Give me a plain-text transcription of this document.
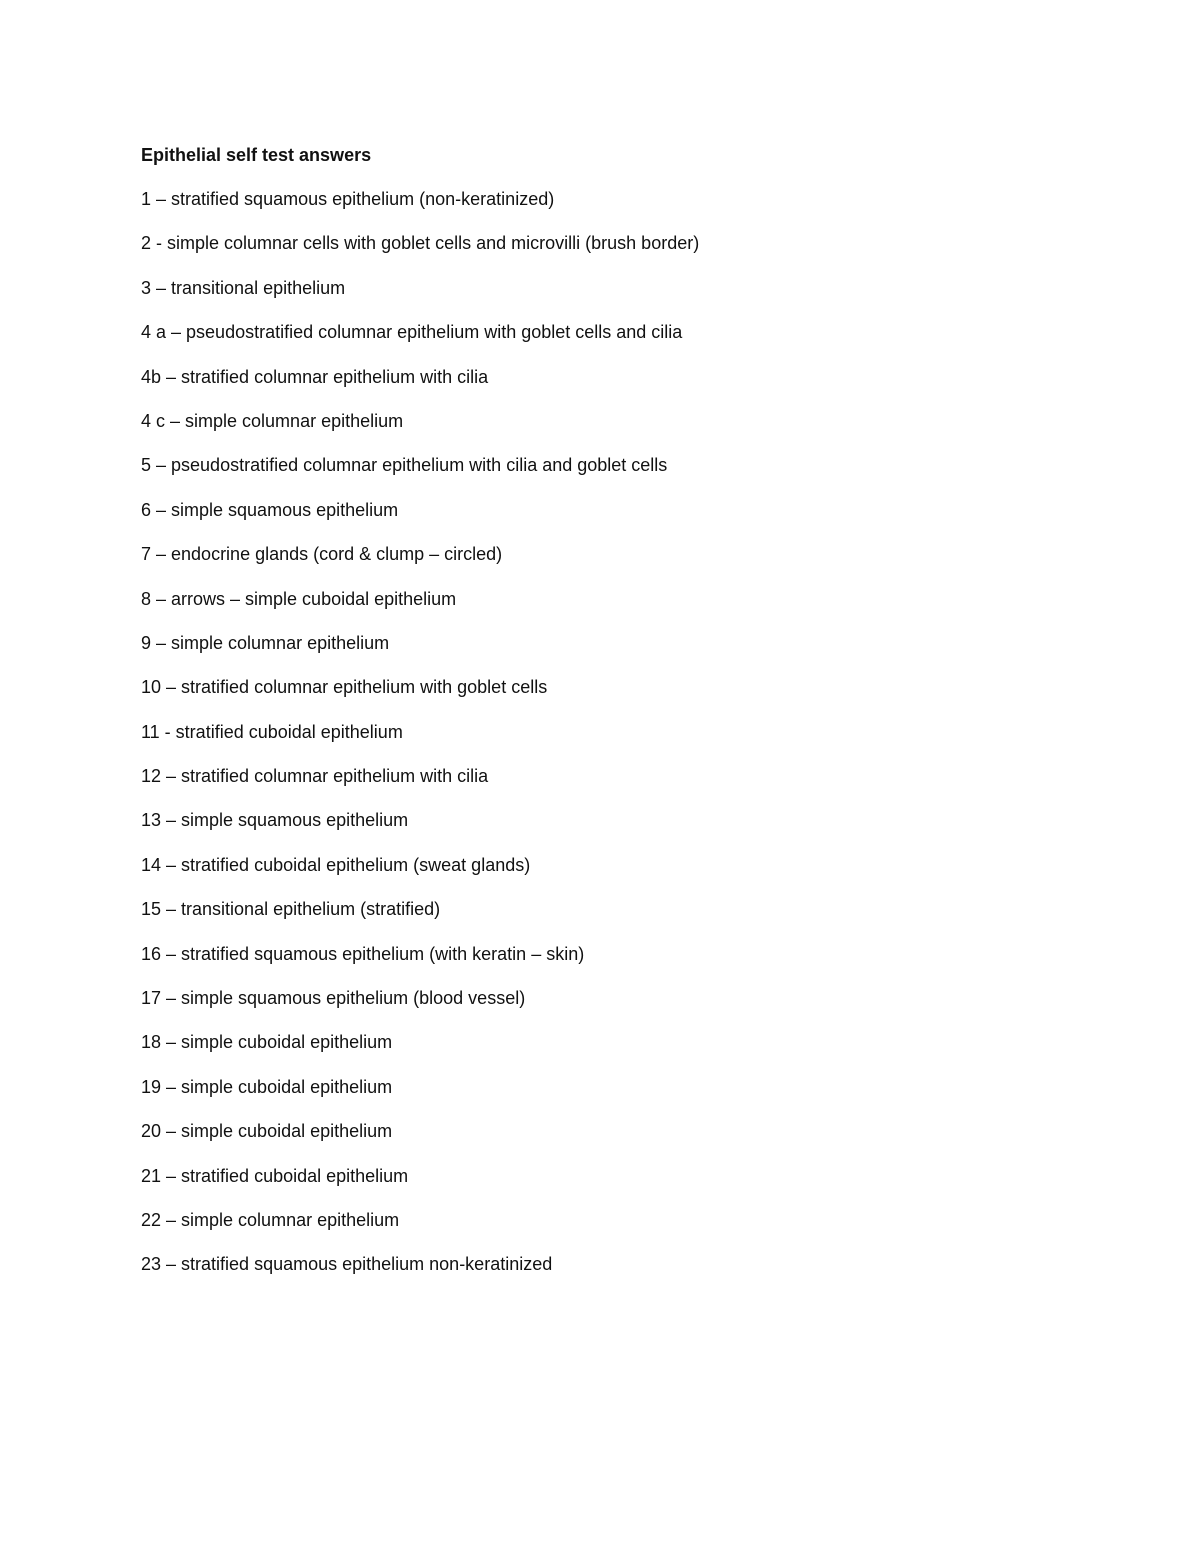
Epithelial self test answers
1 – stratified squamous epithelium (non-keratinized)
2 - simple columnar cells with goblet cells and microvilli (brush border)
3 – transitional epithelium
4 a – pseudostratified columnar epithelium with goblet cells and cilia
4b – stratified columnar epithelium with cilia
4 c – simple columnar epithelium
5 – pseudostratified columnar epithelium with cilia and goblet cells
6 – simple squamous epithelium
7 – endocrine glands (cord & clump – circled)
8 – arrows – simple cuboidal epithelium
9 – simple columnar epithelium
10 – stratified columnar epithelium with goblet cells
11 - stratified cuboidal epithelium
12 – stratified columnar epithelium with cilia
13 – simple squamous epithelium
14 – stratified cuboidal epithelium (sweat glands)
15 – transitional epithelium (stratified)
16 – stratified squamous epithelium (with keratin – skin)
17 – simple squamous epithelium (blood vessel)
18 – simple cuboidal epithelium
19 – simple cuboidal epithelium
20 – simple cuboidal epithelium
21 – stratified cuboidal epithelium
22 – simple columnar epithelium
23 – stratified squamous epithelium non-keratinized
